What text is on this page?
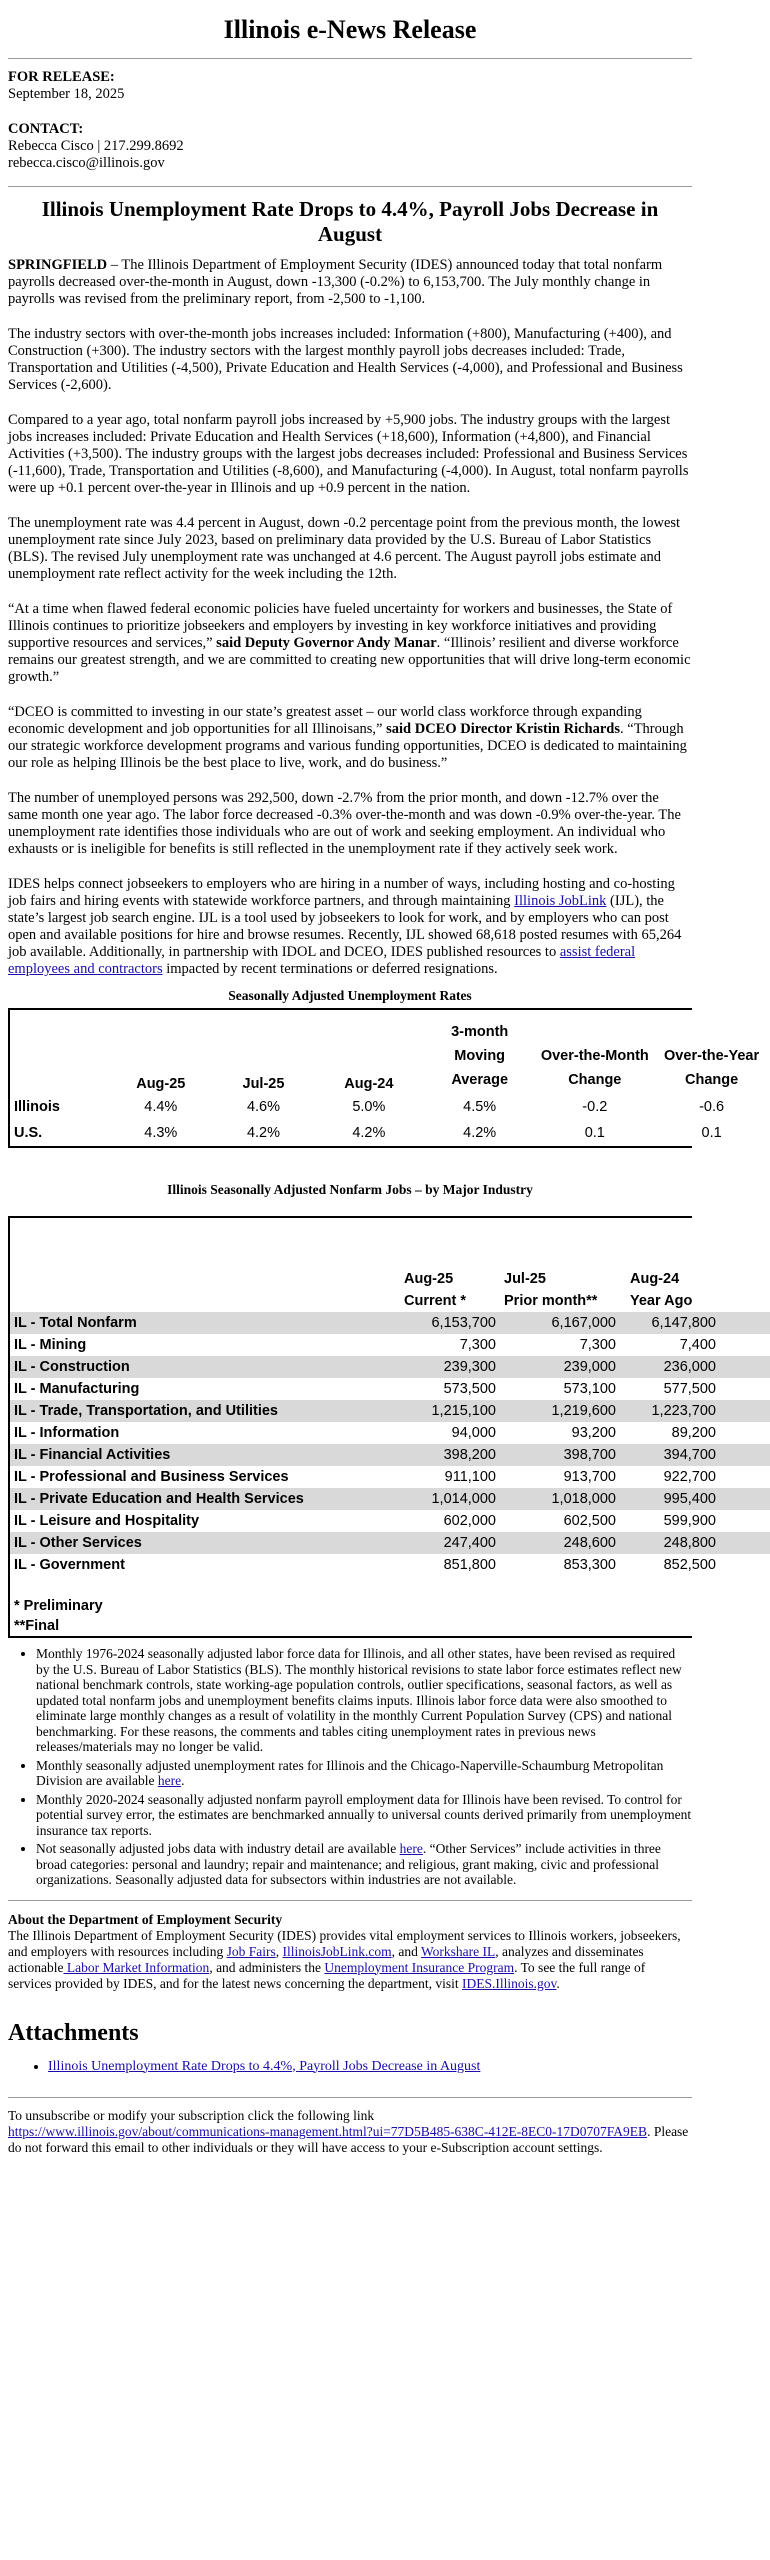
Illinois e-News Release

FOR RELEASE:

September 18, 2025

CONTACT:

Rebecca Cisco | 217.299.8692

rebecca.cisco@illinois.gov

Illinois Unemployment Rate Drops to 4.4%, Payroll Jobs Decrease in August

SPRINGFIELD – The Illinois Department of Employment Security (IDES) announced today that total nonfarm payrolls decreased over-the-month in August, down -13,300 (-0.2%) to 6,153,700. The July monthly change in payrolls was revised from the preliminary report, from -2,500 to -1,100.

The industry sectors with over-the-month jobs increases included: Information (+800), Manufacturing (+400), and Construction (+300). The industry sectors with the largest monthly payroll jobs decreases included: Trade, Transportation and Utilities (-4,500), Private Education and Health Services (-4,000), and Professional and Business Services (-2,600).

Compared to a year ago, total nonfarm payroll jobs increased by +5,900 jobs. The industry groups with the largest jobs increases included: Private Education and Health Services (+18,600), Information (+4,800), and Financial Activities (+3,500). The industry groups with the largest jobs decreases included: Professional and Business Services (-11,600), Trade, Transportation and Utilities (-8,600), and Manufacturing (-4,000). In August, total nonfarm payrolls were up +0.1 percent over-the-year in Illinois and up +0.9 percent in the nation.

The unemployment rate was 4.4 percent in August, down -0.2 percentage point from the previous month, the lowest unemployment rate since July 2023, based on preliminary data provided by the U.S. Bureau of Labor Statistics (BLS). The revised July unemployment rate was unchanged at 4.6 percent. The August payroll jobs estimate and unemployment rate reflect activity for the week including the 12th.

“At a time when flawed federal economic policies have fueled uncertainty for workers and businesses, the State of Illinois continues to prioritize jobseekers and employers by investing in key workforce initiatives and providing supportive resources and services,” said Deputy Governor Andy Manar. “Illinois’ resilient and diverse workforce remains our greatest strength, and we are committed to creating new opportunities that will drive long-term economic growth.”

“DCEO is committed to investing in our state’s greatest asset – our world class workforce through expanding economic development and job opportunities for all Illinoisans,” said DCEO Director Kristin Richards. “Through our strategic workforce development programs and various funding opportunities, DCEO is dedicated to maintaining our role as helping Illinois be the best place to live, work, and do business.”

The number of unemployed persons was 292,500, down -2.7% from the prior month, and down -12.7% over the same month one year ago. The labor force decreased -0.3% over-the-month and was down -0.9% over-the-year. The unemployment rate identifies those individuals who are out of work and seeking employment. An individual who exhausts or is ineligible for benefits is still reflected in the unemployment rate if they actively seek work.

IDES helps connect jobseekers to employers who are hiring in a number of ways, including hosting and co-hosting job fairs and hiring events with statewide workforce partners, and through maintaining Illinois JobLink (IJL), the state’s largest job search engine. IJL is a tool used by jobseekers to look for work, and by employers who can post open and available positions for hire and browse resumes. Recently, IJL showed 68,618 posted resumes with 65,264 job available. Additionally, in partnership with IDOL and DCEO, IDES published resources to assist federal employees and contractors impacted by recent terminations or deferred resignations.

Seasonally Adjusted Unemployment Rates
	Aug-25	Jul-25	Aug-24	3-month Moving Average	Over-the-Month Change	Over-the-Year Change
Illinois	4.4%	4.6%	5.0%	4.5%	-0.2	-0.6
U.S.	4.3%	4.2%	4.2%	4.2%	0.1	0.1
Illinois Seasonally Adjusted Nonfarm Jobs – by Major Industry

	Aug-25	Jul-25	Aug-24	
	Current *	Prior month**	Year Ago	
IL - Total Nonfarm	6,153,700	6,167,000	6,147,800	
IL - Mining	7,300	7,300	7,400	
IL - Construction	239,300	239,000	236,000	
IL - Manufacturing	573,500	573,100	577,500	
IL - Trade, Transportation, and Utilities	1,215,100	1,219,600	1,223,700	
IL - Information	94,000	93,200	89,200	
IL - Financial Activities	398,200	398,700	394,700	
IL - Professional and Business Services	911,100	913,700	922,700	
IL - Private Education and Health Services	1,014,000	1,018,000	995,400	
IL - Leisure and Hospitality	602,000	602,500	599,900	
IL - Other Services	247,400	248,600	248,800	
IL - Government	851,800	853,300	852,500	

* Preliminary				
**Final				
• Monthly 1976-2024 seasonally adjusted labor force data for Illinois, and all other states, have been revised as required by the U.S. Bureau of Labor Statistics (BLS). The monthly historical revisions to state labor force estimates reflect new national benchmark controls, state working-age population controls, outlier specifications, seasonal factors, as well as updated total nonfarm jobs and unemployment benefits claims inputs. Illinois labor force data were also smoothed to eliminate large monthly changes as a result of volatility in the monthly Current Population Survey (CPS) and national benchmarking. For these reasons, the comments and tables citing unemployment rates in previous news releases/materials may no longer be valid.
• Monthly seasonally adjusted unemployment rates for Illinois and the Chicago-Naperville-Schaumburg Metropolitan Division are available here.
• Monthly 2020-2024 seasonally adjusted nonfarm payroll employment data for Illinois have been revised. To control for potential survey error, the estimates are benchmarked annually to universal counts derived primarily from unemployment insurance tax reports.
• Not seasonally adjusted jobs data with industry detail are available here. “Other Services” include activities in three broad categories: personal and laundry; repair and maintenance; and religious, grant making, civic and professional organizations. Seasonally adjusted data for subsectors within industries are not available.

About the Department of Employment Security

The Illinois Department of Employment Security (IDES) provides vital employment services to Illinois workers, jobseekers, and employers with resources including Job Fairs, IllinoisJobLink.com, and Workshare IL, analyzes and disseminates actionable Labor Market Information, and administers the Unemployment Insurance Program. To see the full range of services provided by IDES, and for the latest news concerning the department, visit IDES.Illinois.gov.

Attachments
• Illinois Unemployment Rate Drops to 4.4%, Payroll Jobs Decrease in August

To unsubscribe or modify your subscription click the following link
https://www.illinois.gov/about/communications-management.html?ui=77D5B485-638C-412E-8EC0-17D0707FA9EB. Please do not forward this email to other individuals or they will have access to your e-Subscription account settings.
